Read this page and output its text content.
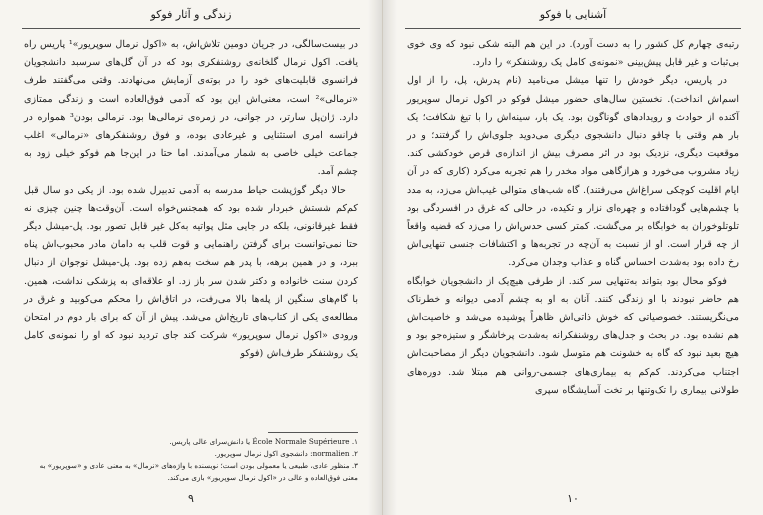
زندگی و آثار فوکو

در بیست‌سالگی، در جریان دومین تلاش‌اش، به «اکول نرمال سوپریور»¹ پاریس راه یافت. اکول نرمال گلخانه‌ی روشنفکری بود که در آن گل‌های سرسبد دانشجویان فرانسوی قابلیت‌های خود را در بوته‌ی آزمایش می‌نهادند. وقتی می‌گفتند طرف «نرمالی»² است، معنی‌اش این بود که آدمی فوق‌العاده است و زندگی ممتازی دارد. ژان‌پل سارتر، در جوانی، در زمره‌ی نرمالی‌ها بود. نرمالی بودن³ همواره در فرانسه امری استثنایی و غیرعادی بوده، و فوق روشنفکرهای «نرمالی» اغلب جماعت خیلی خاصی به شمار می‌آمدند. اما حتا در این‌جا هم فوکو خیلی زود به چشم آمد.

حالا دیگر گوژپشت حیاط مدرسه به آدمی تدبیرل شده بود. از یکی دو سال قبل کم‌کم شستش خبردار شده بود که همجنس‌خواه است. آن‌وقت‌ها چنین چیزی نه فقط غیرقانونی، بلکه در جایی مثل پواتیه به‌کل غیر قابل تصور بود. پل-میشل دیگر حتا نمی‌توانست برای گرفتن راهنمایی و قوت قلب به دامان مادر محبوب‌اش پناه ببرد، و در همین برهه، با پدر هم سخت به‌هم زده بود. پل-میشل نوجوان از دنبال کردن سنت خانواده و دکتر شدن سر باز زد. او علاقه‌ای به پزشکی نداشت، همین. با گام‌های سنگین از پله‌ها بالا می‌رفت، در اتاق‌اش را محکم می‌کوبید و غرق در مطالعه‌ی یکی از کتاب‌های تاریخ‌اش می‌شد. پیش از آن که برای بار دوم در امتحان ورودی «اکول نرمال سوپریور» شرکت کند جای تردید نبود که او را نمونه‌ی کامل یک روشنفکر طرف‌اش (فوکو

۱. École Normale Supérieure یا دانش‌سرای عالی پاریس.
۲. normalien: دانشجوی اکول نرمال سوپریور.
۳. منظور عادی، طبیعی یا معمولی بودن است؛ نویسنده با واژه‌های «نرمال» به معنی عادی و «سوپریور» به معنی فوق‌العاده و عالی در «اکول نرمال سوپریور» بازی می‌کند.
۹
آشنایی با فوکو

رتبه‌ی چهارم کل کشور را به دست آورد). در این هم البته شکی نبود که وی خوی بی‌ثبات و غیر قابل پیش‌بینی «نمونه‌ی کامل یک روشنفکر» را دارد.

در پاریس، دیگر خودش را تنها میشل می‌نامید (نام پدرش، پل، را از اول اسم‌اش انداخت). نخستین سال‌های حضور میشل فوکو در اکول نرمال سوپریور آکنده از حوادث و رویدادهای گوناگون بود. یک بار، سینه‌اش را با تیغ شکافت؛ یک بار هم وقتی با چاقو دنبال دانشجوی دیگری می‌دوید جلوی‌اش را گرفتند؛ و در موقعیت دیگری، نزدیک بود در اثر مصرف بیش از اندازه‌ی قرص خودکشی کند. زیاد مشروب می‌خورد و هراز‌گاهی مواد مخدر را هم تجربه می‌کرد (کاری که در آن ایام اقلیت کوچکی سراغ‌اش می‌رفتند). گاه شب‌های متوالی غیب‌اش می‌زد، به مدد با چشم‌هایی گودافتاده و چهره‌ای نزار و تکیده، در حالی که غرق در افسردگی بود تلوتلوخوران به خوابگاه بر می‌گشت. کمتر کسی حدس‌اش را می‌زد که قضیه واقعاً از چه قرار است. او از نسبت به آن‌چه در تجربه‌ها و اکتشافات جنسی تنهایی‌اش رخ داده بود به‌شدت احساس گناه و عذاب وجدان می‌کرد.

فوکو محال بود بتواند به‌تنهایی سر کند. از طرفی هیچ‌یک از دانشجویان خوابگاه هم حاضر نبودند با او زندگی کنند. آنان به او به چشم آدمی دیوانه و خطرناک می‌نگریستند. خصوصیاتی که خوش ذاتی‌اش ظاهراً پوشیده می‌شد و خاصیت‌اش هم نشده بود. در بحث و جدل‌های روشنفکرانه به‌شدت پرخاشگر و ستیزه‌جو بود و هیچ بعید نبود که گاه به خشونت هم متوسل شود. دانشجویان دیگر از مصاحبت‌اش اجتناب می‌کردند. کم‌کم به بیماری‌های جسمی-روانی هم مبتلا شد. دوره‌های طولانی بیماری را تک‌وتنها بر تخت آسایشگاه سپری

۱۰
